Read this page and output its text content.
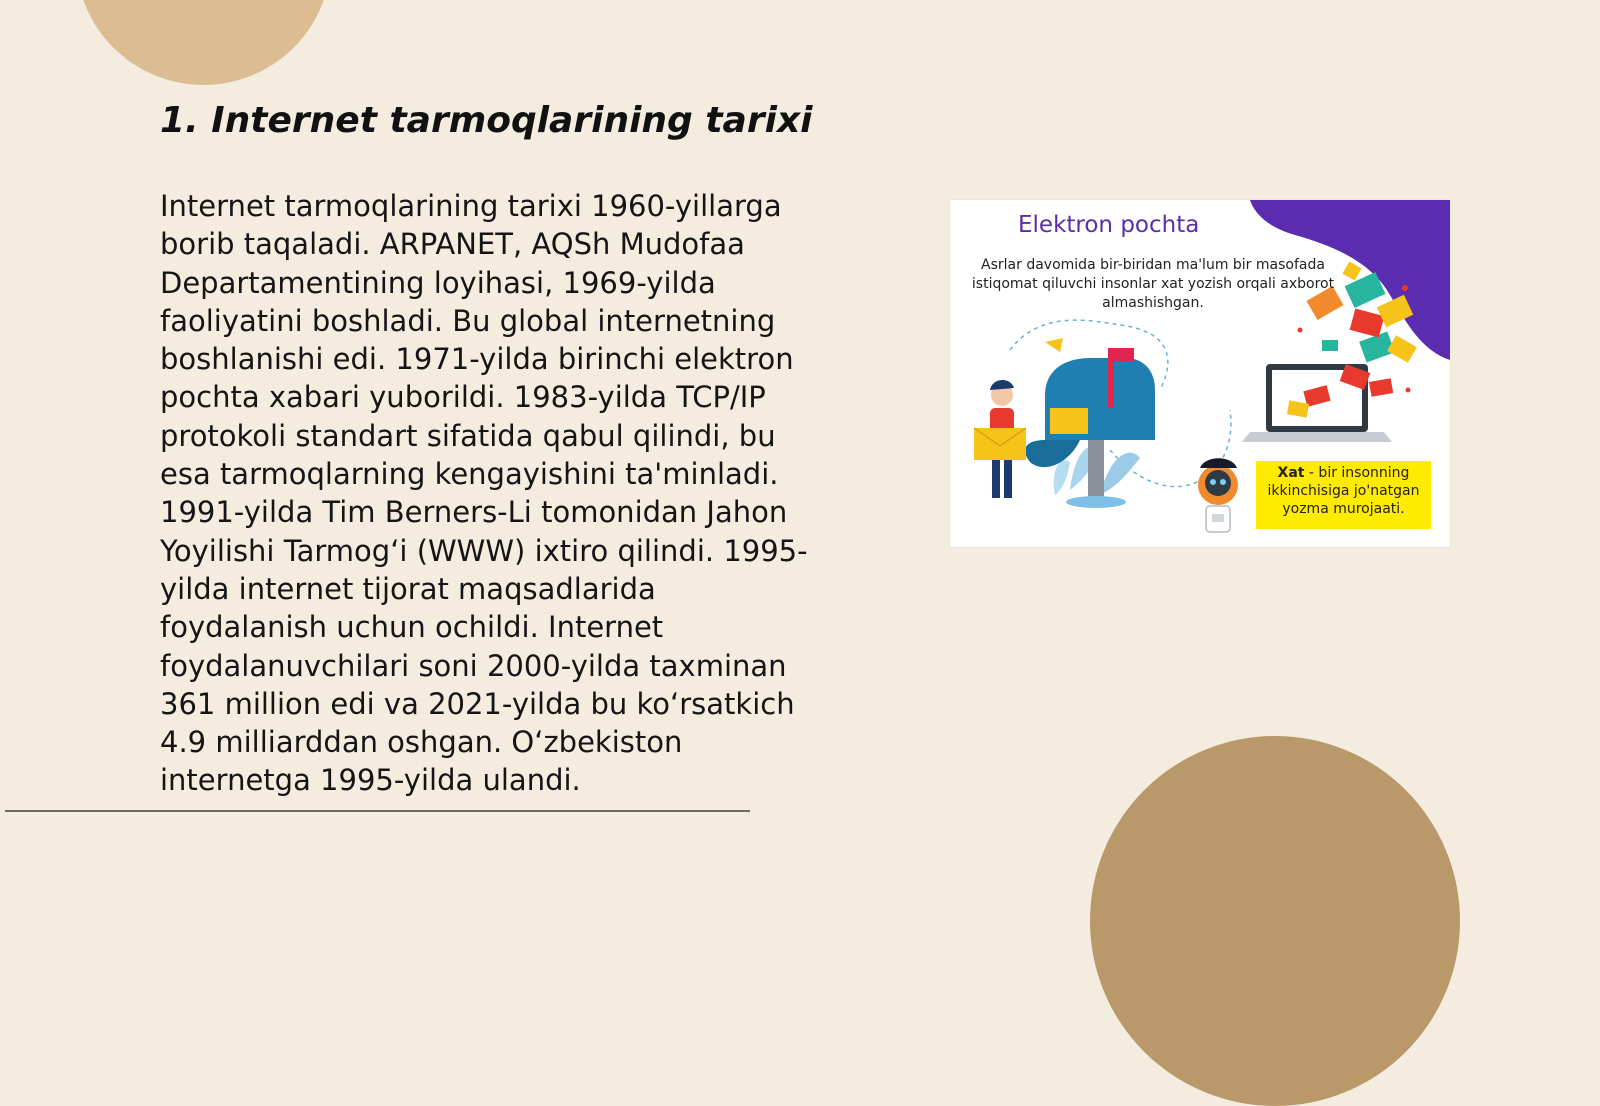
1. Internet tarmoqlarining tarixi

Internet tarmoqlarining tarixi 1960-yillarga borib taqaladi. ARPANET, AQSh Mudofaa Departamentining loyihasi, 1969-yilda faoliyatini boshladi. Bu global internetning boshlanishi edi. 1971-yilda birinchi elektron pochta xabari yuborildi. 1983-yilda TCP/IP protokoli standart sifatida qabul qilindi, bu esa tarmoqlarning kengayishini ta'minladi. 1991-yilda Tim Berners-Li tomonidan Jahon Yoyilishi Tarmog‘i (WWW) ixtiro qilindi. 1995-yilda internet tijorat maqsadlarida foydalanish uchun ochildi. Internet foydalanuvchilari soni 2000-yilda taxminan 361 million edi va 2021-yilda bu ko‘rsatkich 4.9 milliarddan oshgan. O‘zbekiston internetga 1995-yilda ulandi.

Elektron pochta
Asrlar davomida bir-biridan ma'lum bir masofada istiqomat qiluvchi insonlar xat yozish orqali axborot almashishgan.
Xat - bir insonning ikkinchisiga jo'natgan yozma murojaati.
